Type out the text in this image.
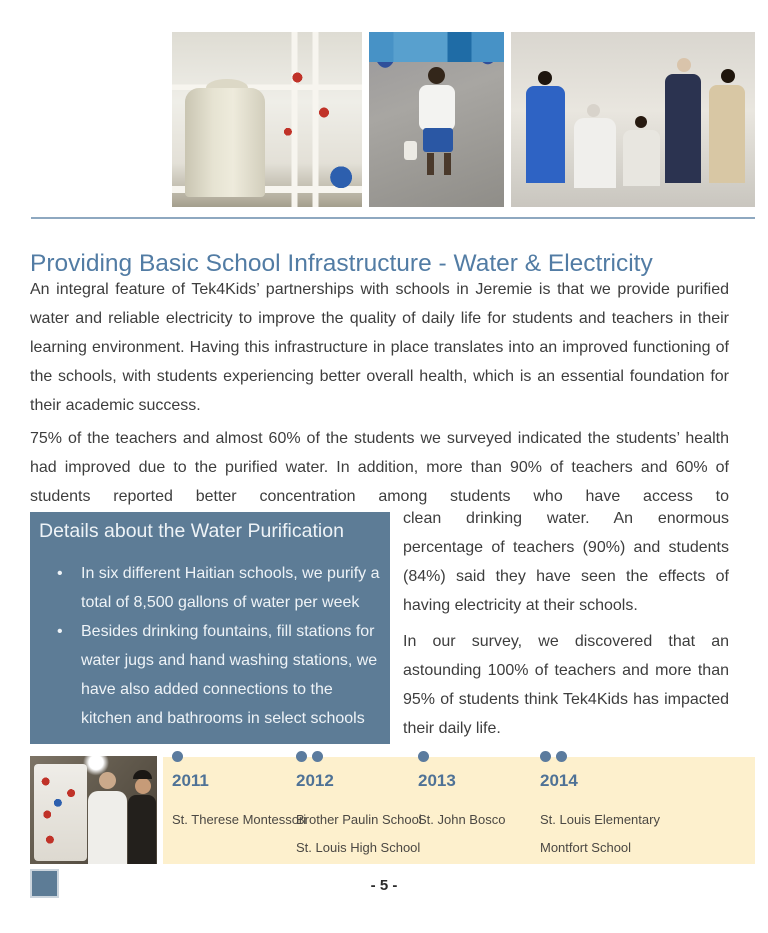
Providing Basic School Infrastructure - Water & Electricity

An integral feature of Tek4Kids’ partnerships with schools in Jeremie is that we provide purified water and reliable electricity to improve the quality of daily life for students and teachers in their learning environment. Having this infrastructure in place translates into an improved functioning of the schools, with students experiencing better overall health, which is an essential foundation for their academic success.

75% of the teachers and almost 60% of the students we surveyed indicated the students’ health had improved due to the purified water. In addition, more than 90% of teachers and 60% of students reported better concentration among students who have access to

Details about the Water Purification
• In six different Haitian schools, we purify a total of 8,500 gallons of water per week
• Besides drinking fountains, fill stations for water jugs and hand washing stations, we have also added connections to the kitchen and bathrooms in select schools

clean drinking water. An enormous percentage of teachers (90%) and students (84%) said they have seen the effects of having electricity at their schools.

In our survey, we discovered that an astounding 100% of teachers and more than 95% of students think Tek4Kids has impacted their daily life.

2011
St. Therese Montessori
2012
Brother Paulin School
St. Louis High School
2013
St. John Bosco
2014
St. Louis Elementary
Montfort School
- 5 -
